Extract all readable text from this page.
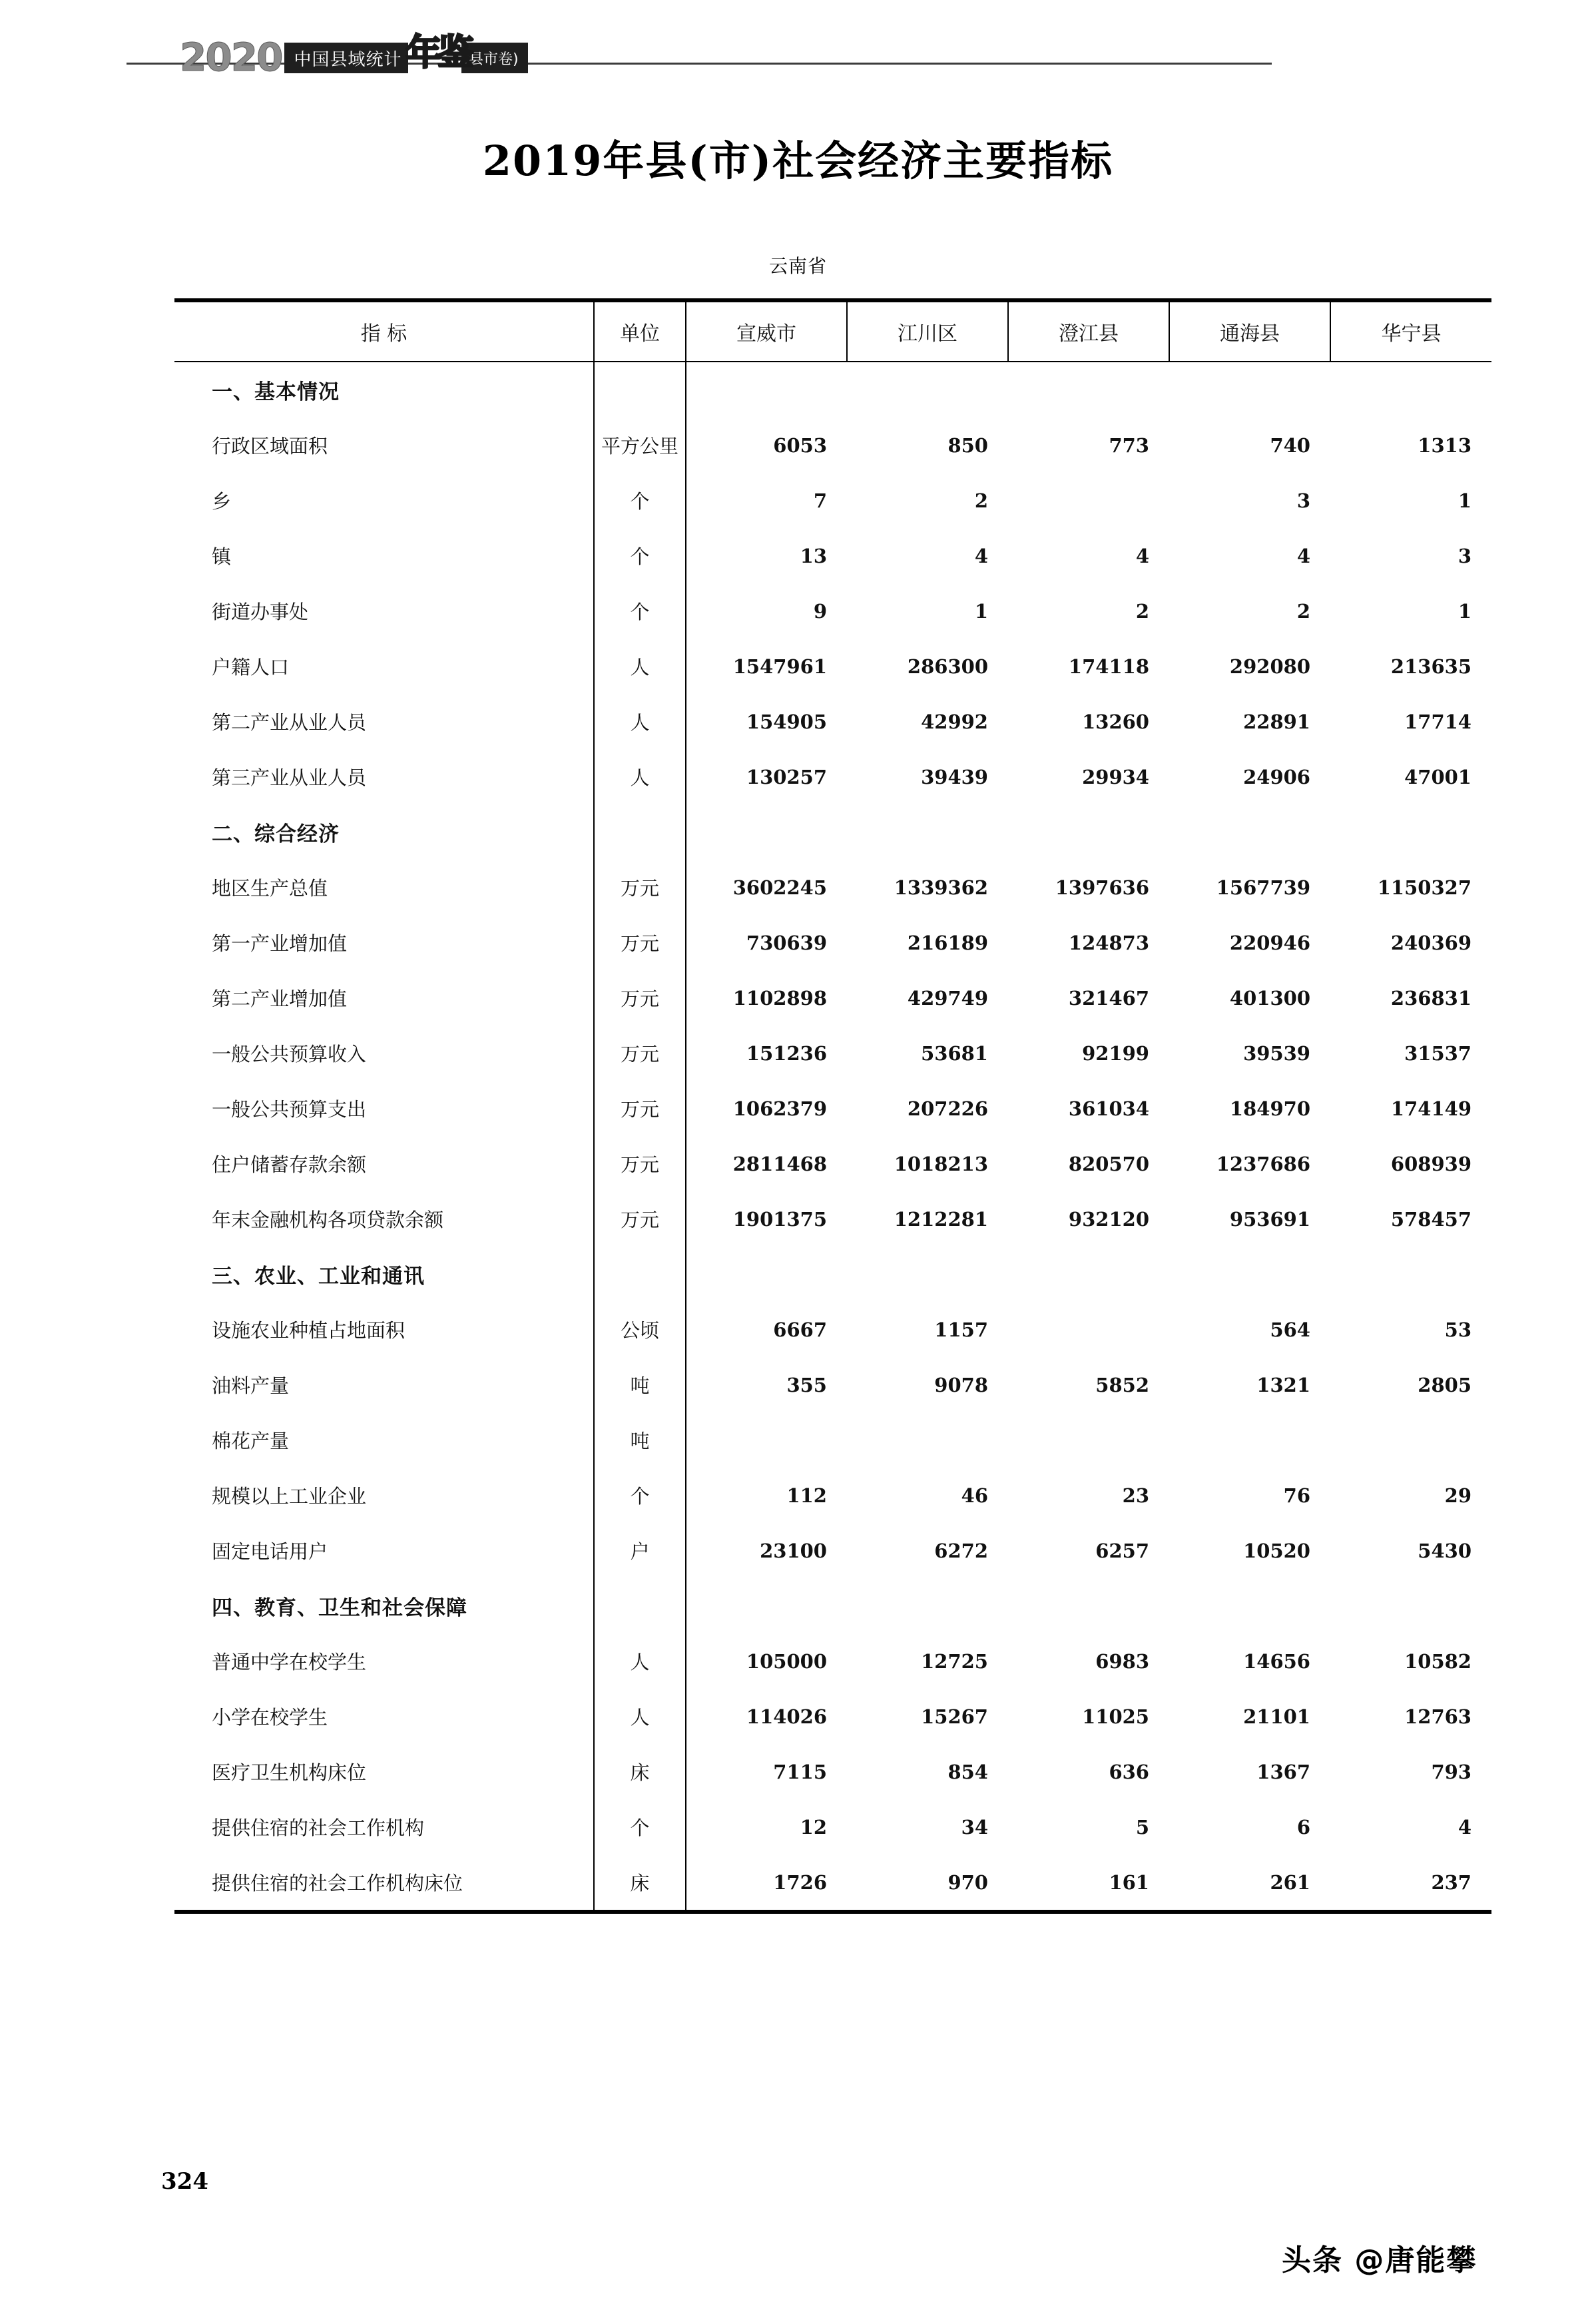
2020 中国县域统计 年鉴
(县市卷)
2019年县(市)社会经济主要指标
云南省
指 标	单位	宣威市	江川区	澄江县	通海县	华宁县
一、基本情况						
行政区域面积	平方公里	6053	850	773	740	1313
乡	个	7	2		3	1
镇	个	13	4	4	4	3
街道办事处	个	9	1	2	2	1
户籍人口	人	1547961	286300	174118	292080	213635
第二产业从业人员	人	154905	42992	13260	22891	17714
第三产业从业人员	人	130257	39439	29934	24906	47001
二、综合经济						
地区生产总值	万元	3602245	1339362	1397636	1567739	1150327
第一产业增加值	万元	730639	216189	124873	220946	240369
第二产业增加值	万元	1102898	429749	321467	401300	236831
一般公共预算收入	万元	151236	53681	92199	39539	31537
一般公共预算支出	万元	1062379	207226	361034	184970	174149
住户储蓄存款余额	万元	2811468	1018213	820570	1237686	608939
年末金融机构各项贷款余额	万元	1901375	1212281	932120	953691	578457
三、农业、工业和通讯						
设施农业种植占地面积	公顷	6667	1157		564	53
油料产量	吨	355	9078	5852	1321	2805
棉花产量	吨					
规模以上工业企业	个	112	46	23	76	29
固定电话用户	户	23100	6272	6257	10520	5430
四、教育、卫生和社会保障						
普通中学在校学生	人	105000	12725	6983	14656	10582
小学在校学生	人	114026	15267	11025	21101	12763
医疗卫生机构床位	床	7115	854	636	1367	793
提供住宿的社会工作机构	个	12	34	5	6	4
提供住宿的社会工作机构床位	床	1726	970	161	261	237
324
头条 @唐能攀
